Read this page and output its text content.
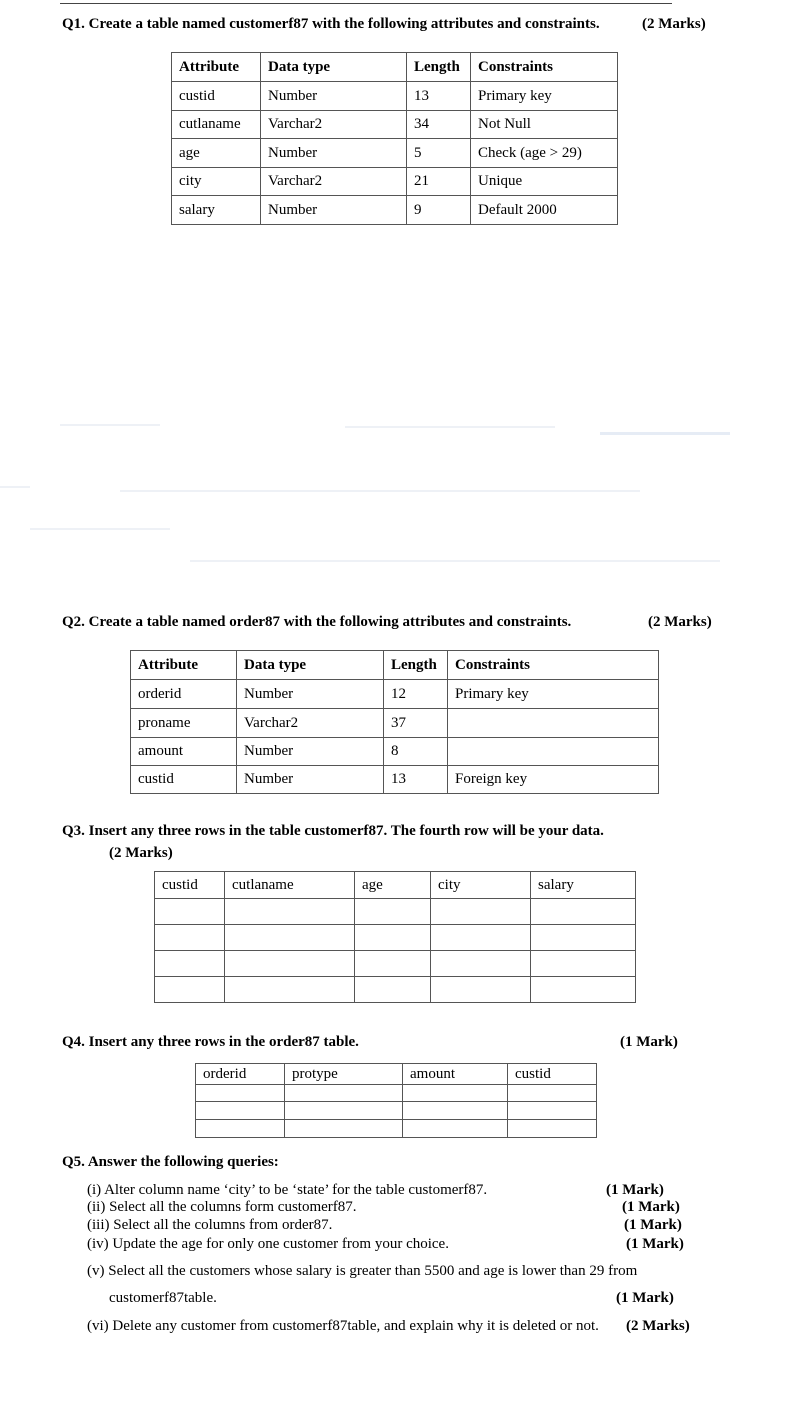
Q1. Create a table named customerf87 with the following attributes and constraints.	(2 Marks)
Attribute	Data type	Length	Constraints
custid	Number	13	Primary key
cutlaname	Varchar2	34	Not Null
age	Number	5	Check (age > 29)
city	Varchar2	21	Unique
salary	Number	9	Default 2000
Q2. Create a table named order87 with the following attributes and constraints.	(2 Marks)
Attribute	Data type	Length	Constraints
orderid	Number	12	Primary key
proname	Varchar2	37	
amount	Number	8	
custid	Number	13	Foreign key
Q3. Insert any three rows in the table customerf87. The fourth row will be your data.
(2 Marks)
custid	cutlaname	age	city	salary

Q4. Insert any three rows in the order87 table.	(1 Mark)
orderid	protype	amount	custid

Q5. Answer the following queries:
(i) Alter column name ‘city’ to be ‘state’ for the table customerf87.	(1 Mark)
(ii) Select all the columns form customerf87.	(1 Mark)
(iii) Select all the columns from order87.	(1 Mark)
(iv) Update the age for only one customer from your choice.	(1 Mark)
(v) Select all the customers whose salary is greater than 5500 and age is lower than 29 from
customerf87table.	(1 Mark)
(vi) Delete any customer from customerf87table, and explain why it is deleted or not. (2 Marks)
